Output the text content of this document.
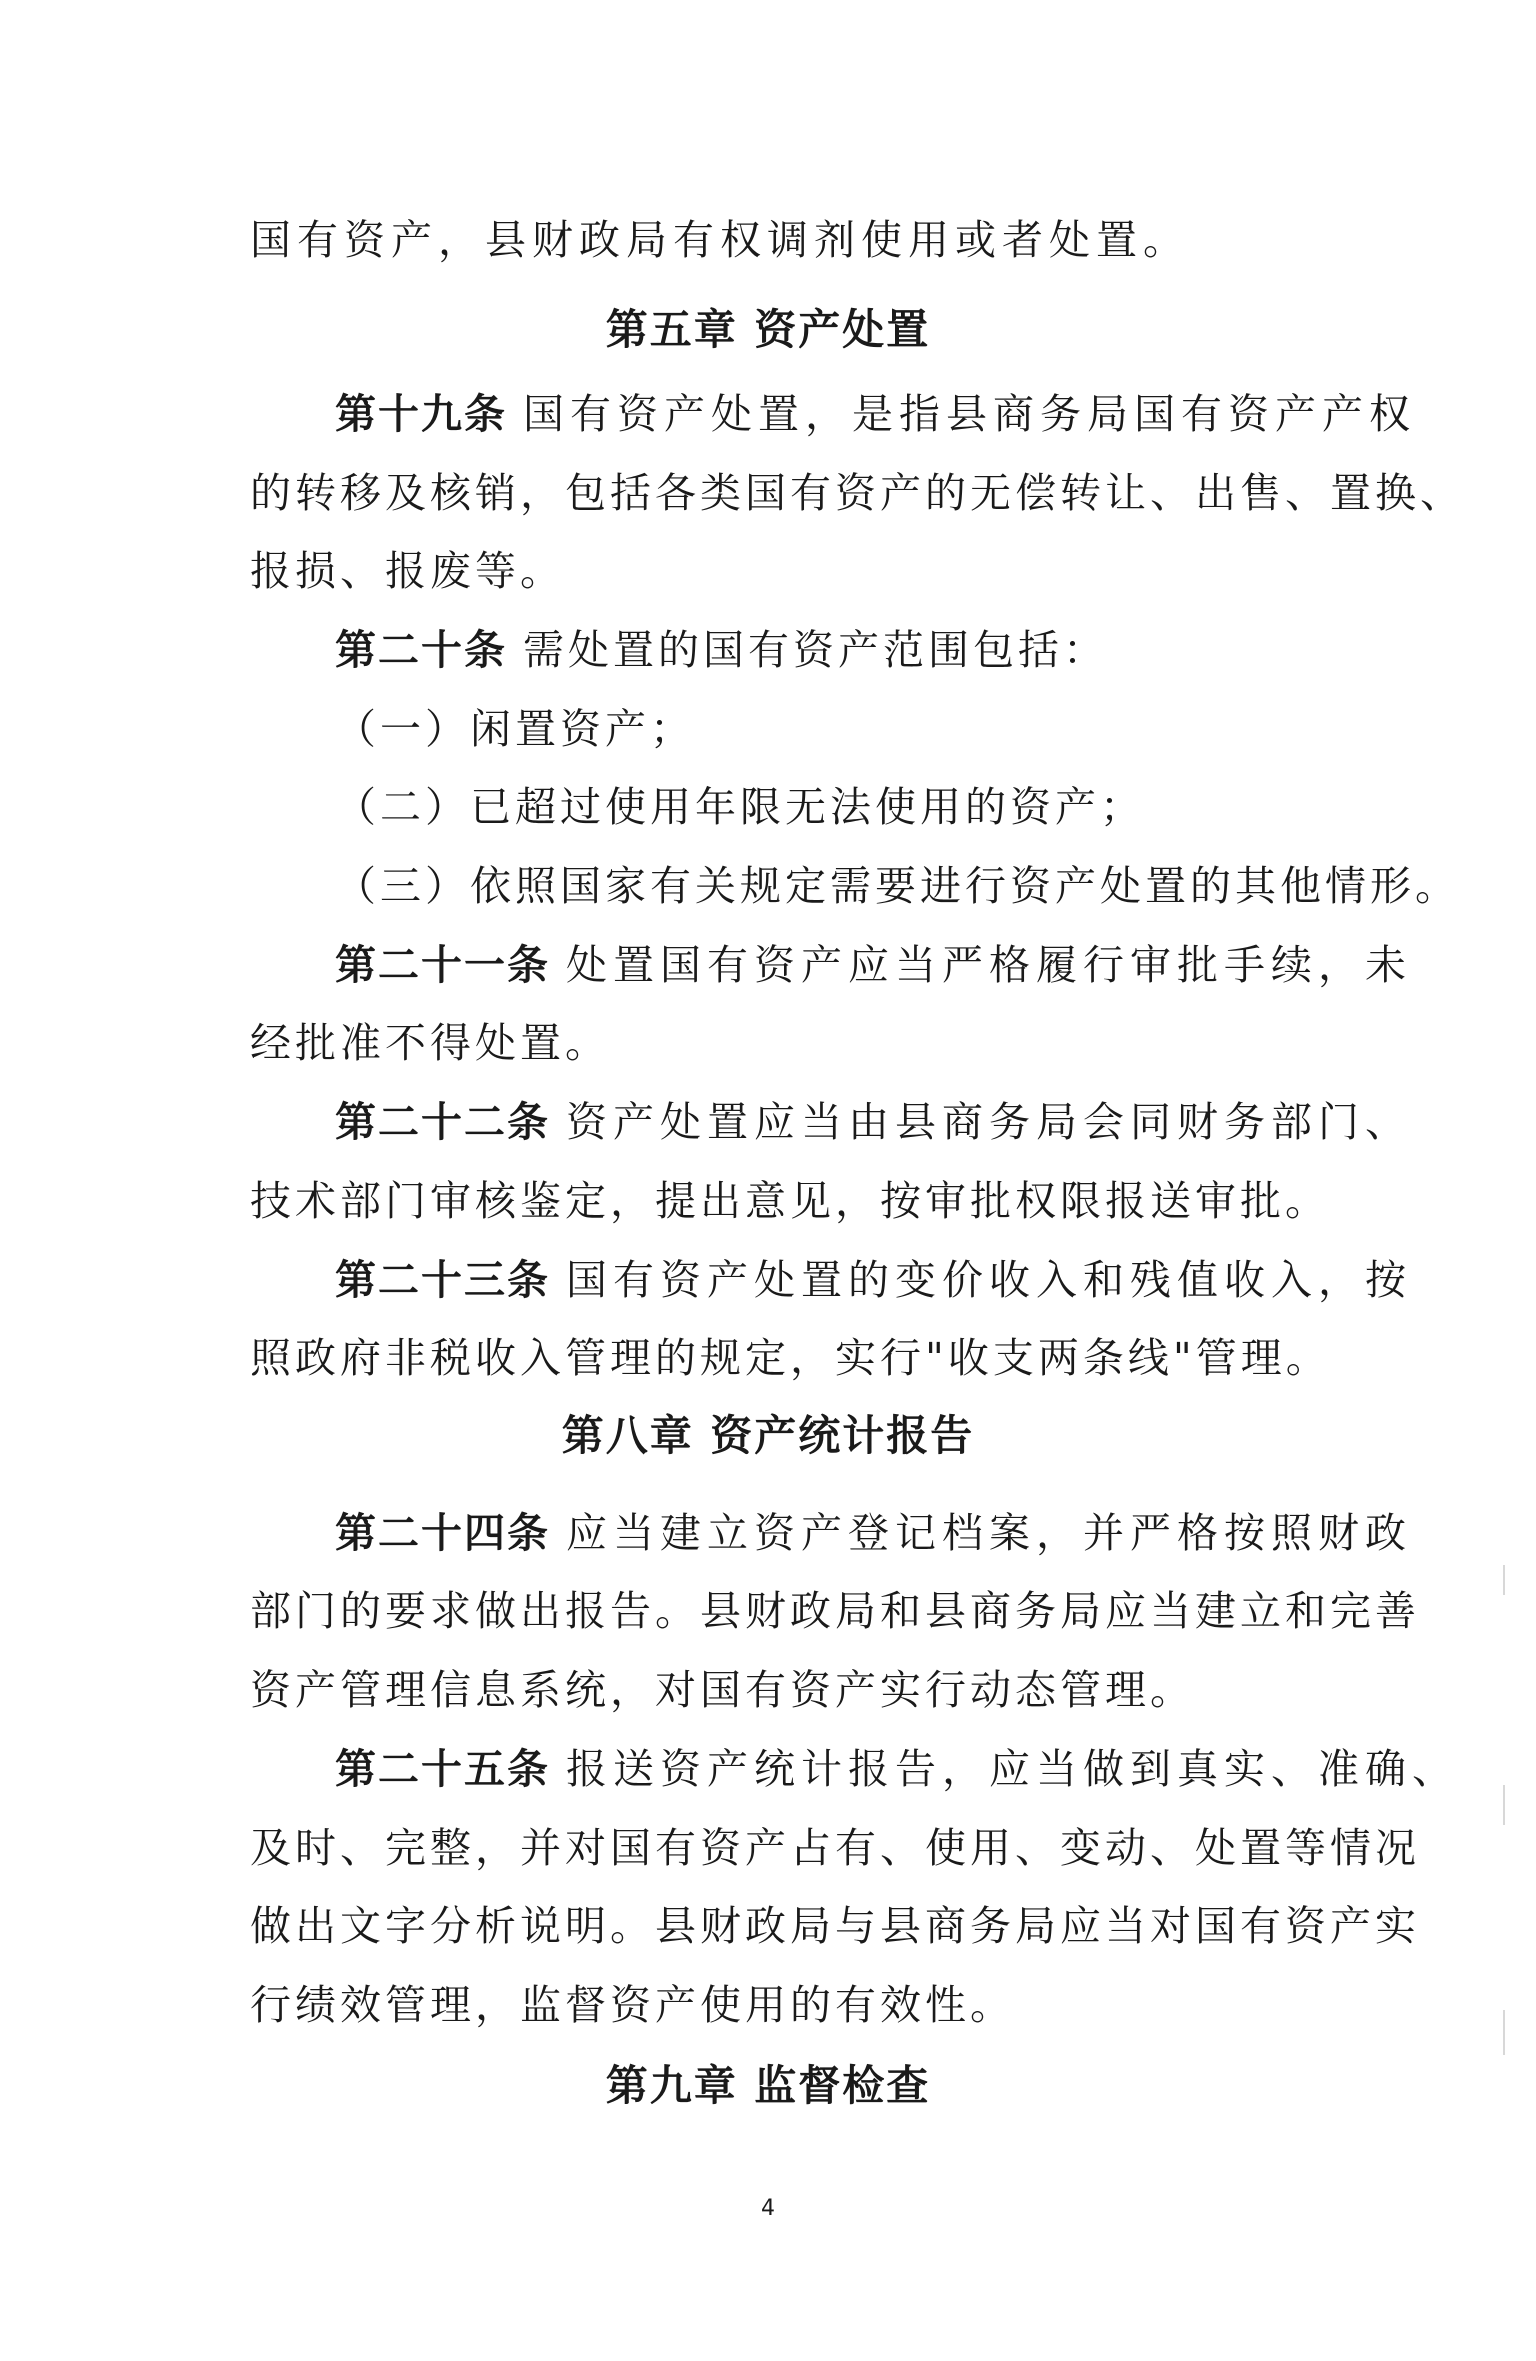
国有资产，县财政局有权调剂使用或者处置。
第五章 资产处置
第十九条 国有资产处置，是指县商务局国有资产产权
的转移及核销，包括各类国有资产的无偿转让、出售、置换、
报损、报废等。
第二十条 需处置的国有资产范围包括：
（一）闲置资产；
（二）已超过使用年限无法使用的资产；
（三）依照国家有关规定需要进行资产处置的其他情形。
第二十一条 处置国有资产应当严格履行审批手续，未
经批准不得处置。
第二十二条 资产处置应当由县商务局会同财务部门、
技术部门审核鉴定，提出意见，按审批权限报送审批。
第二十三条 国有资产处置的变价收入和残值收入，按
照政府非税收入管理的规定，实行"收支两条线"管理。
第八章 资产统计报告
第二十四条 应当建立资产登记档案，并严格按照财政
部门的要求做出报告。县财政局和县商务局应当建立和完善
资产管理信息系统，对国有资产实行动态管理。
第二十五条 报送资产统计报告，应当做到真实、准确、
及时、完整，并对国有资产占有、使用、变动、处置等情况
做出文字分析说明。县财政局与县商务局应当对国有资产实
行绩效管理，监督资产使用的有效性。
第九章 监督检查
4
